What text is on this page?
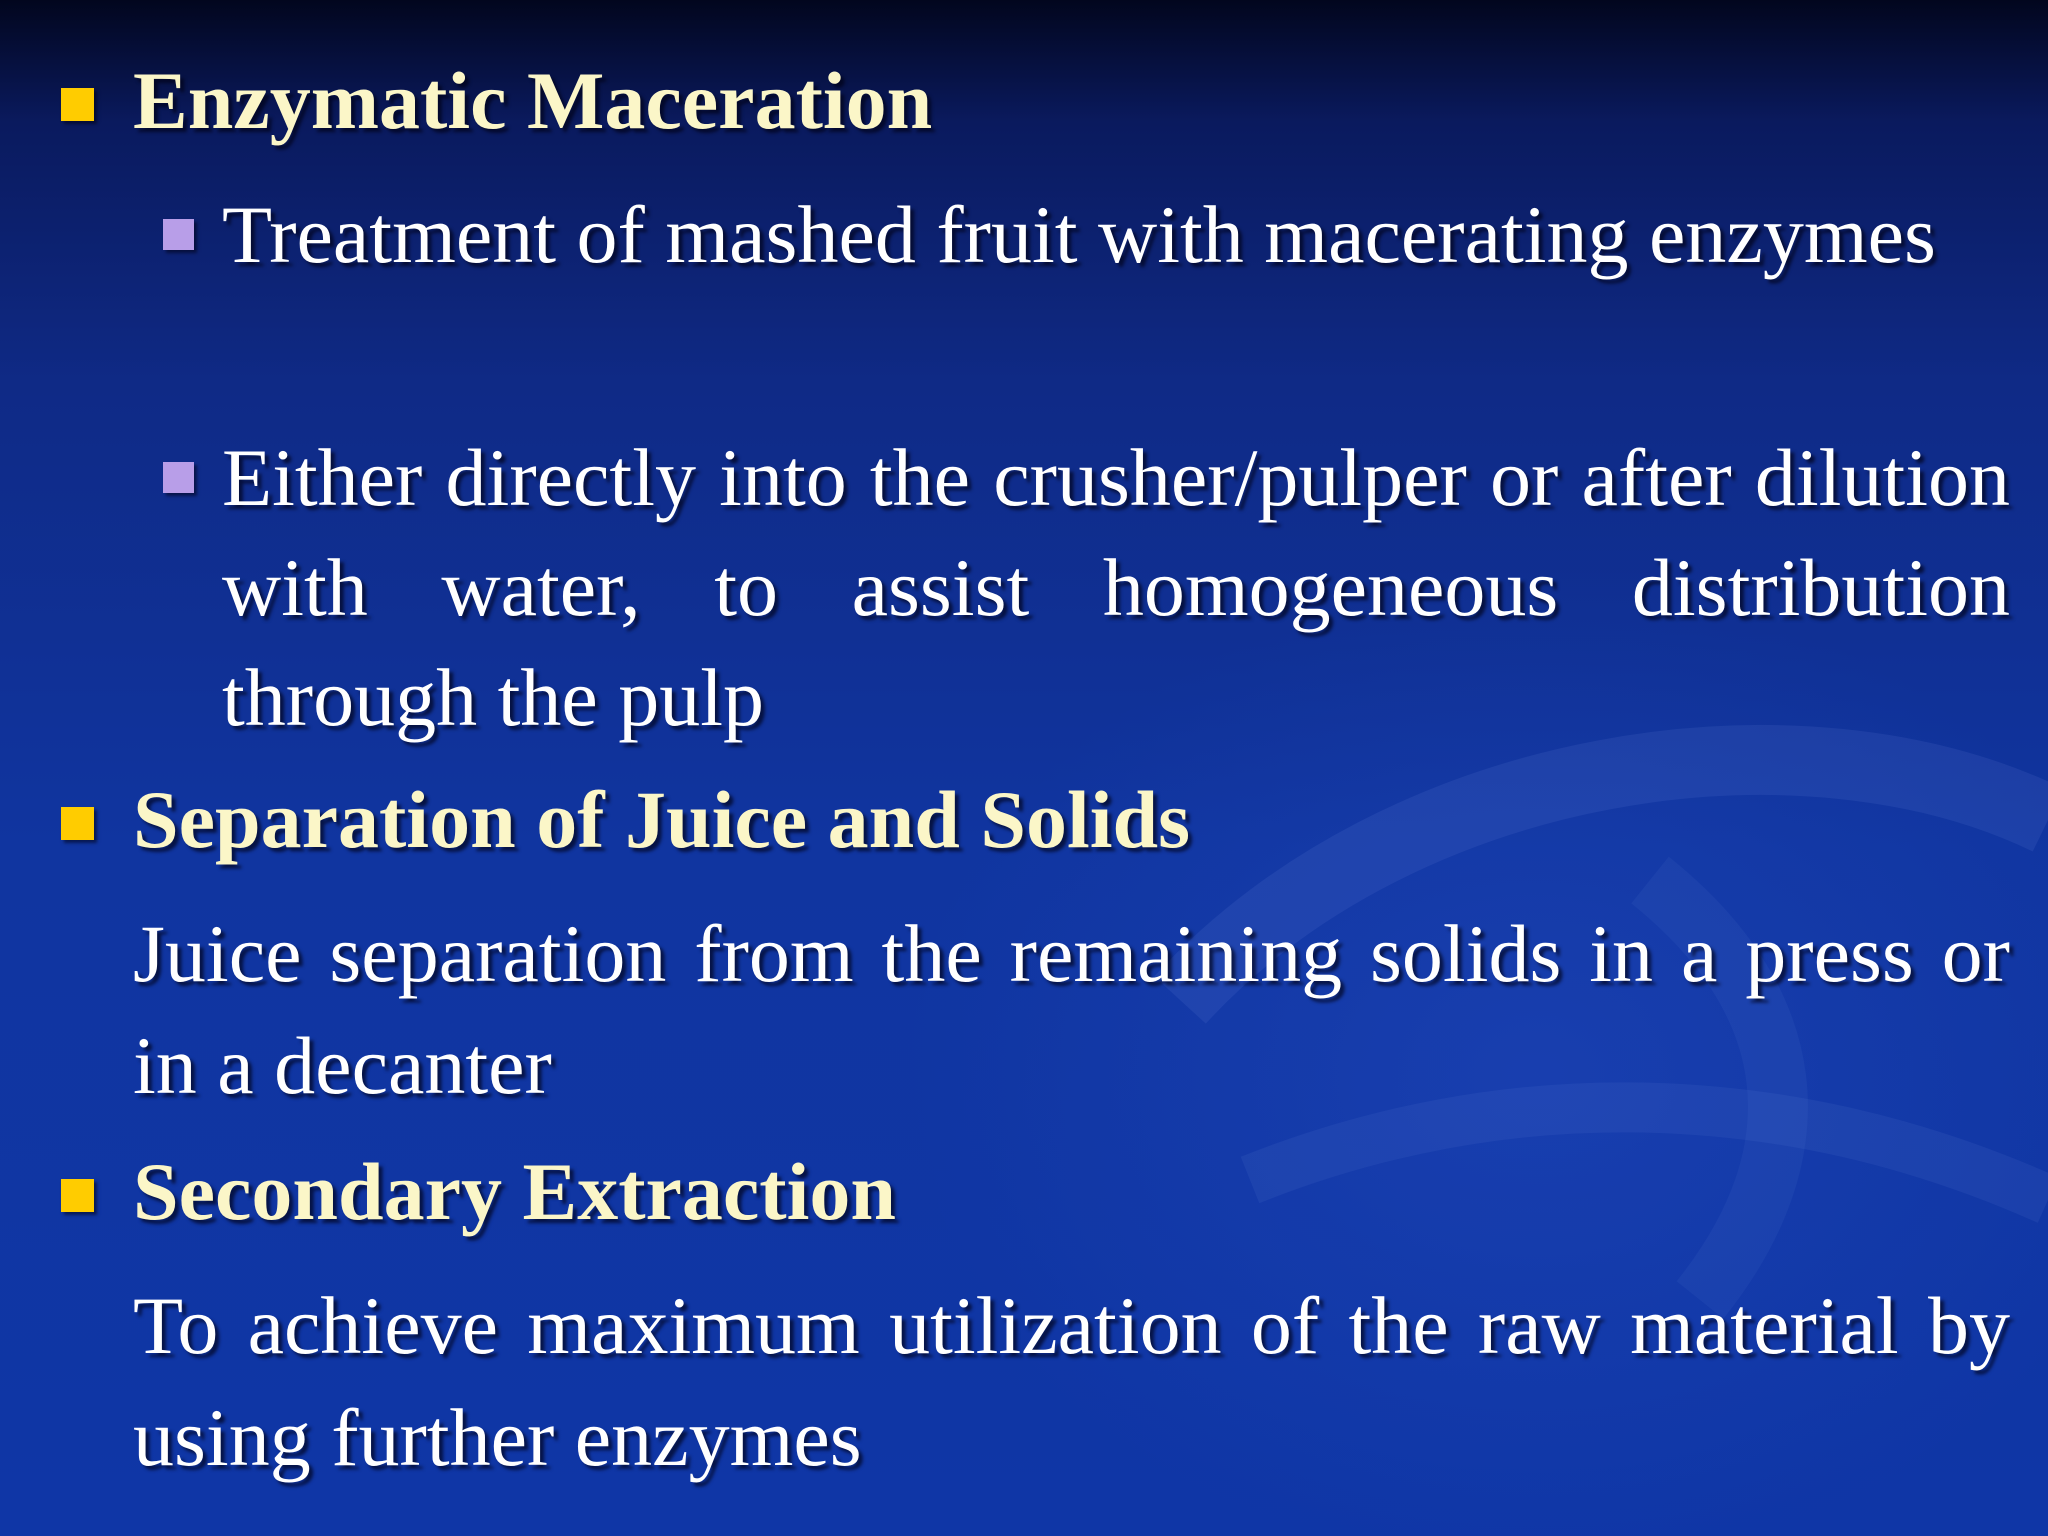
Enzymatic Maceration
Treatment of mashed fruit with macerating enzymes
Either directly into the crusher/pulper or after dilution with water, to assist homogeneous distribution through the pulp
Separation of Juice and Solids
Juice separation from the remaining solids in a press or in a decanter
Secondary Extraction
To achieve maximum utilization of the raw material by using further enzymes
